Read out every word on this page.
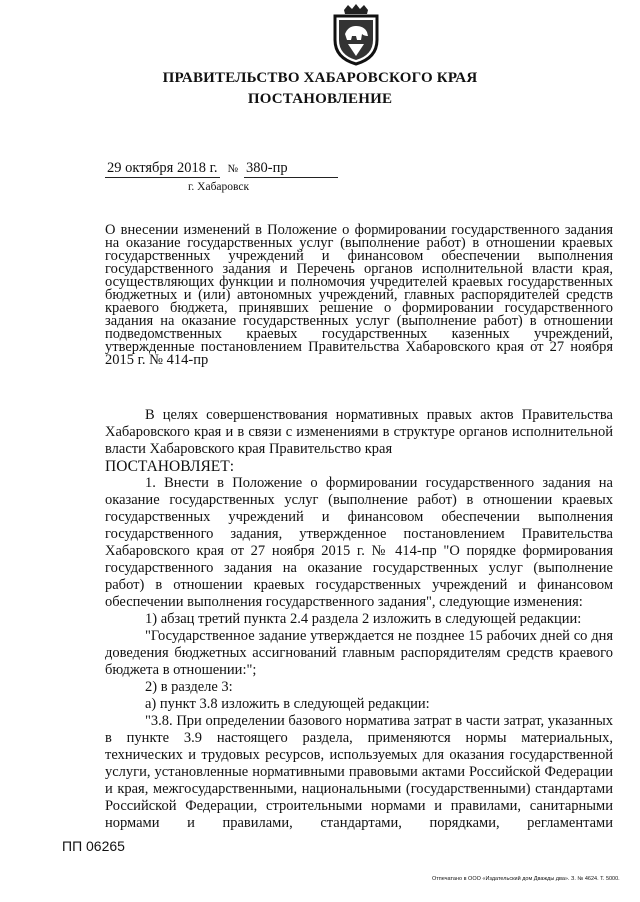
ПРАВИТЕЛЬСТВО ХАБАРОВСКОГО КРАЯ
ПОСТАНОВЛЕНИЕ
29 октября 2018 г. № 380-пр
г. Хабаровск
О внесении изменений в Положение о формировании государственного задания на оказание государственных услуг (выполнение работ) в отношении краевых государственных учреждений и финансовом обеспечении выполнения государственного задания и Перечень органов исполнительной власти края, осуществляющих функции и полномочия учредителей краевых государственных бюджетных и (или) автономных учреждений, главных распорядителей средств краевого бюджета, принявших решение о формировании государственного задания на оказание государственных услуг (выполнение работ) в отношении подведомственных краевых государственных казенных учреждений, утвержденные постановлением Правительства Хабаровского края от 27 ноября 2015 г. № 414-пр

В целях совершенствования нормативных правых актов Правительства Хабаровского края и в связи с изменениями в структуре органов исполнительной власти Хабаровского края Правительство края

ПОСТАНОВЛЯЕТ:

1. Внести в Положение о формировании государственного задания на оказание государственных услуг (выполнение работ) в отношении краевых государственных учреждений и финансовом обеспечении выполнения государственного задания, утвержденное постановлением Правительства Хабаровского края от 27 ноября 2015 г. № 414-пр "О порядке формирования государственного задания на оказание государственных услуг (выполнение работ) в отношении краевых государственных учреждений и финансовом обеспечении выполнения государственного задания", следующие изменения:

1) абзац третий пункта 2.4 раздела 2 изложить в следующей редакции:

"Государственное задание утверждается не позднее 15 рабочих дней со дня доведения бюджетных ассигнований главным распорядителям средств краевого бюджета в отношении:";

2) в разделе 3:

а) пункт 3.8 изложить в следующей редакции:

"3.8. При определении базового норматива затрат в части затрат, указанных в пункте 3.9 настоящего раздела, применяются нормы материальных, технических и трудовых ресурсов, используемых для оказания государственной услуги, установленные нормативными правовыми актами Российской Федерации и края, межгосударственными, национальными (государственными) стандартами Российской Федерации, строительными нормами и правилами, санитарными нормами и правилами, стандартами, порядками, регламентами

ПП 06265
Отпечатано в ООО «Издательский дом Дважды два». З. № 4624. Т. 5000.
